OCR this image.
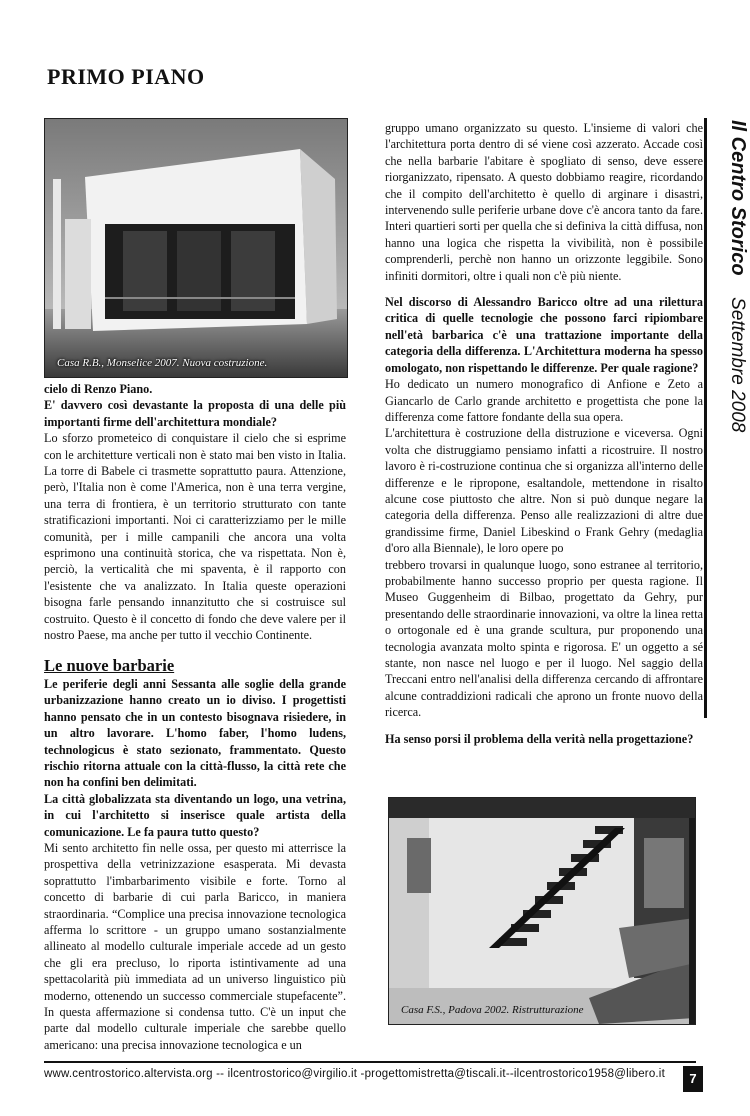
PRIMO PIANO
Il Centro Storico Settembre 2008
Casa R.B., Monselice 2007. Nuova costruzione.

cielo di Renzo Piano.
E' davvero così devastante la proposta di una delle più importanti firme dell'architettura mondiale?

Lo sforzo prometeico di conquistare il cielo che si esprime con le architetture verticali non è stato mai ben visto in Italia. La torre di Babele ci trasmette soprattutto paura. Attenzione, però, l'Italia non è come l'America, non è una terra vergine, una terra di frontiera, è un territorio strutturato con tante stratificazioni importanti. Noi ci caratterizziamo per le mille comunità, per i mille campanili che ancora una volta esprimono una continuità storica, che va rispettata. Non è, perciò, la verticalità che mi spaventa, è il rapporto con l'esistente che va analizzato. In Italia queste operazioni bisogna farle pensando innanzitutto che si costruisce sul costruito. Questo è il concetto di fondo che deve valere per il nostro Paese, ma anche per tutto il vecchio Continente.

Le nuove barbarie

Le periferie degli anni Sessanta alle soglie della grande urbanizzazione hanno creato un io diviso. I progettisti hanno pensato che in un contesto bisognava risiedere, in un altro lavorare. L'homo faber, l'homo ludens, technologicus è stato sezionato, frammentato. Questo rischio ritorna attuale con la città-flusso, la città rete che non ha confini ben delimitati.

La città globalizzata sta diventando un logo, una vetrina, in cui l'architetto si inserisce quale artista della comunicazione. Le fa paura tutto questo?

Mi sento architetto fin nelle ossa, per questo mi atterrisce la prospettiva della vetrinizzazione esasperata. Mi devasta soprattutto l'imbarbarimento visibile e forte. Torno al concetto di barbarie di cui parla Baricco, in maniera straordinaria. “Complice una precisa innovazione tecnologica afferma lo scrittore - un gruppo umano sostanzialmente allineato al modello culturale imperiale accede ad un gesto che gli era precluso, lo riporta istintivamente ad una spettacolarità più immediata ad un universo linguistico più moderno, ottenendo un successo commerciale stupefacente”. In questa affermazione si condensa tutto. C'è un input che parte dal modello culturale imperiale che sarebbe quello americano: una precisa innovazione tecnologica e un

gruppo umano organizzato su questo. L'insieme di valori che l'architettura porta dentro di sé viene così azzerato. Accade così che nella barbarie l'abitare è spogliato di senso, deve essere riorganizzato, ripensato. A questo dobbiamo reagire, ricordando che il compito dell'architetto è quello di arginare i disastri, intervenendo sulle periferie urbane dove c'è ancora tanto da fare. Interi quartieri sorti per quella che si definiva la città diffusa, non hanno una logica che rispetta la vivibilità, non è possibile comprenderli, perchè non hanno un orizzonte leggibile. Sono infiniti dormitori, oltre i quali non c'è più niente.

Nel discorso di Alessandro Baricco oltre ad una rilettura critica di quelle tecnologie che possono farci ripiombare nell'età barbarica c'è una trattazione importante della categoria della differenza. L'Architettura moderna ha spesso omologato, non rispettando le differenze. Per quale ragione?

Ho dedicato un numero monografico di Anfione e Zeto a Giancarlo de Carlo grande architetto e progettista che pone la differenza come fattore fondante della sua opera.

L'architettura è costruzione della distruzione e viceversa. Ogni volta che distruggiamo pensiamo infatti a ricostruire. Il nostro lavoro è ri-costruzione continua che si organizza all'interno delle differenze e le ripropone, esaltandole, mettendone in risalto alcune cose piuttosto che altre. Non si può dunque negare la categoria della differenza. Penso alle realizzazioni di altre due grandissime firme, Daniel Libeskind o Frank Gehry (medaglia d'oro alla Biennale), le loro opere po

trebbero trovarsi in qualunque luogo, sono estranee al territorio, probabilmente hanno successo proprio per questa ragione. Il Museo Guggenheim di Bilbao, progettato da Gehry, pur presentando delle straordinarie innovazioni, va oltre la linea retta o ortogonale ed è una grande scultura, pur proponendo una tecnologia avanzata molto spinta e rigorosa. E' un oggetto a sé stante, non nasce nel luogo e per il luogo. Nel saggio della Treccani entro nell'analisi della differenza cercando di affrontare alcune contraddizioni radicali che aprono un fronte nuovo della ricerca.

Ha senso porsi il problema della verità nella progettazione?

Casa F.S., Padova 2002. Ristrutturazione
www.centrostorico.altervista.org -- ilcentrostorico@virgilio.it -progettomistretta@tiscali.it--ilcentrostorico1958@libero.it	7
